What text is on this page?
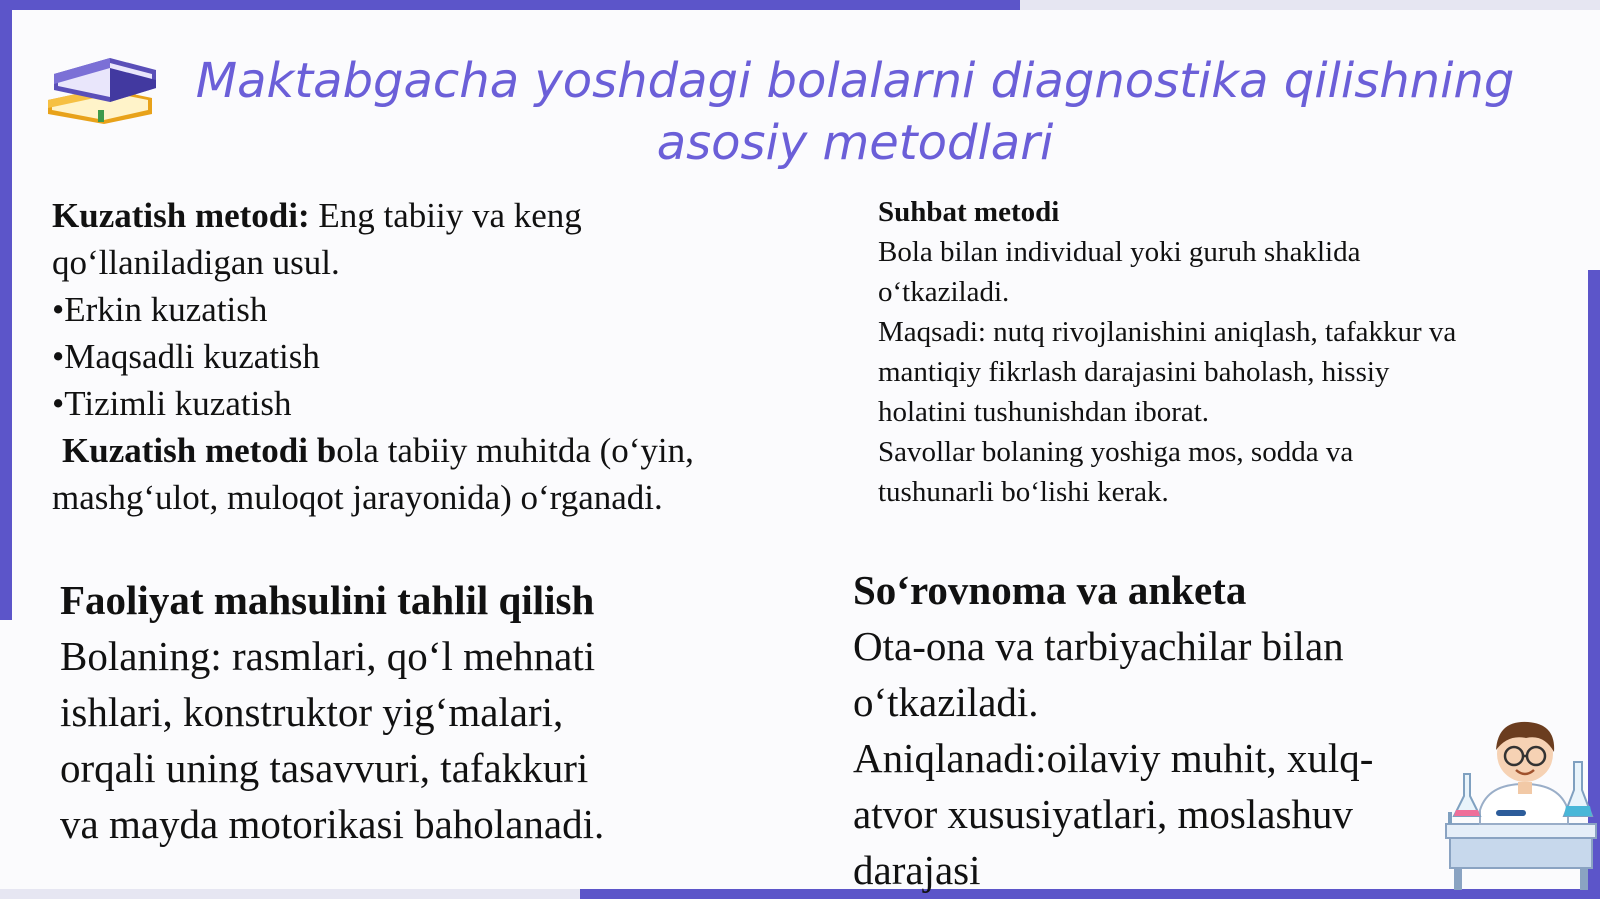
Maktabgacha yoshdagi bolalarni diagnostika qilishning
asosiy metodlari
Kuzatish metodi: Eng tabiiy va keng
qoʻllaniladigan usul.
•Erkin kuzatish
•Maqsadli kuzatish
•Tizimli kuzatish
Kuzatish metodi bola tabiiy muhitda (oʻyin,
mashgʻulot, muloqot jarayonida) oʻrganadi.
Suhbat metodi
Bola bilan individual yoki guruh shaklida
oʻtkaziladi.
Maqsadi: nutq rivojlanishini aniqlash, tafakkur va
mantiqiy fikrlash darajasini baholash, hissiy
holatini tushunishdan iborat.
Savollar bolaning yoshiga mos, sodda va
tushunarli boʻlishi kerak.
Faoliyat mahsulini tahlil qilish
Bolaning: rasmlari, qoʻl mehnati
ishlari, konstruktor yigʻmalari,
orqali uning tasavvuri, tafakkuri
va mayda motorikasi baholanadi.
Soʻrovnoma va anketa
Ota-ona va tarbiyachilar bilan
oʻtkaziladi.
Aniqlanadi:oilaviy muhit, xulq-
atvor xususiyatlari, moslashuv
darajasi
